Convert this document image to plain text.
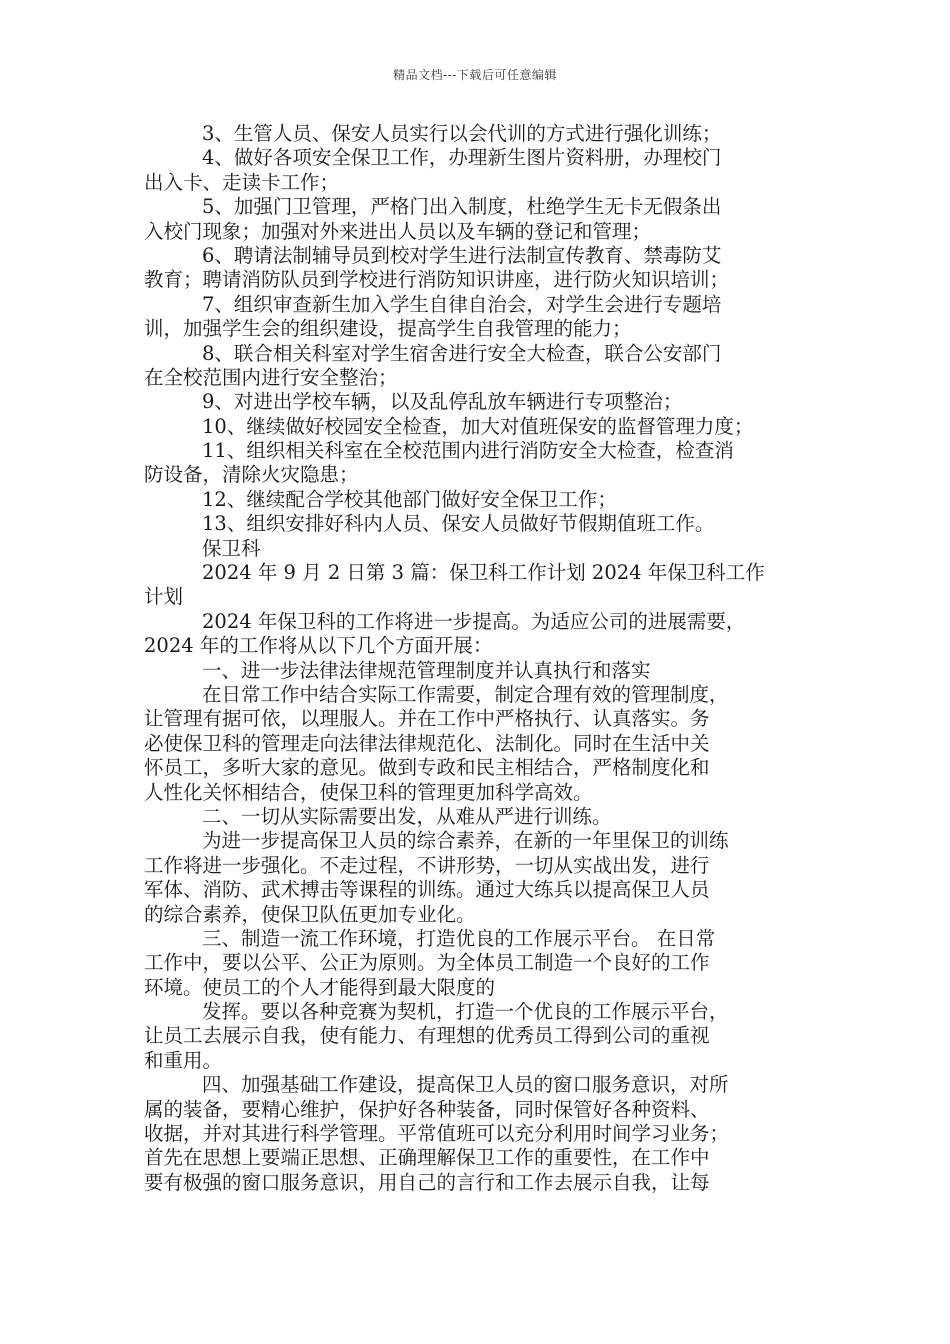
精品文档---下载后可任意编辑
3、生管人员、保安人员实行以会代训的方式进行强化训练；
4、做好各项安全保卫工作，办理新生图片资料册，办理校门
出入卡、走读卡工作；
5、加强门卫管理，严格门出入制度，杜绝学生无卡无假条出
入校门现象；加强对外来进出人员以及车辆的登记和管理；
6、聘请法制辅导员到校对学生进行法制宣传教育、禁毒防艾
教育；聘请消防队员到学校进行消防知识讲座，进行防火知识培训；
7、组织审查新生加入学生自律自治会，对学生会进行专题培
训，加强学生会的组织建设，提高学生自我管理的能力；
8、联合相关科室对学生宿舍进行安全大检查，联合公安部门
在全校范围内进行安全整治；
9、对进出学校车辆，以及乱停乱放车辆进行专项整治；
10、继续做好校园安全检查，加大对值班保安的监督管理力度；
11、组织相关科室在全校范围内进行消防安全大检查，检查消
防设备，清除火灾隐患；
12、继续配合学校其他部门做好安全保卫工作；
13、组织安排好科内人员、保安人员做好节假期值班工作。
保卫科
2024 年 9 月 2 日第 3 篇：保卫科工作计划 2024 年保卫科工作
计划
2024 年保卫科的工作将进一步提高。为适应公司的进展需要，
2024 年的工作将从以下几个方面开展：
一、进一步法律法律规范管理制度并认真执行和落实
在日常工作中结合实际工作需要，制定合理有效的管理制度，
让管理有据可依，以理服人。并在工作中严格执行、认真落实。务
必使保卫科的管理走向法律法律规范化、法制化。同时在生活中关
怀员工，多听大家的意见。做到专政和民主相结合，严格制度化和
人性化关怀相结合，使保卫科的管理更加科学高效。
二、一切从实际需要出发，从难从严进行训练。
为进一步提高保卫人员的综合素养，在新的一年里保卫的训练
工作将进一步强化。不走过程，不讲形势，一切从实战出发，进行
军体、消防、武术搏击等课程的训练。通过大练兵以提高保卫人员
的综合素养，使保卫队伍更加专业化。
三、制造一流工作环境，打造优良的工作展示平台。 在日常
工作中，要以公平、公正为原则。为全体员工制造一个良好的工作
环境。使员工的个人才能得到最大限度的
发挥。要以各种竞赛为契机，打造一个优良的工作展示平台，
让员工去展示自我，使有能力、有理想的优秀员工得到公司的重视
和重用。
四、加强基础工作建设，提高保卫人员的窗口服务意识，对所
属的装备，要精心维护，保护好各种装备，同时保管好各种资料、
收据，并对其进行科学管理。平常值班可以充分利用时间学习业务；
首先在思想上要端正思想、正确理解保卫工作的重要性，在工作中
要有极强的窗口服务意识，用自己的言行和工作去展示自我，让每
